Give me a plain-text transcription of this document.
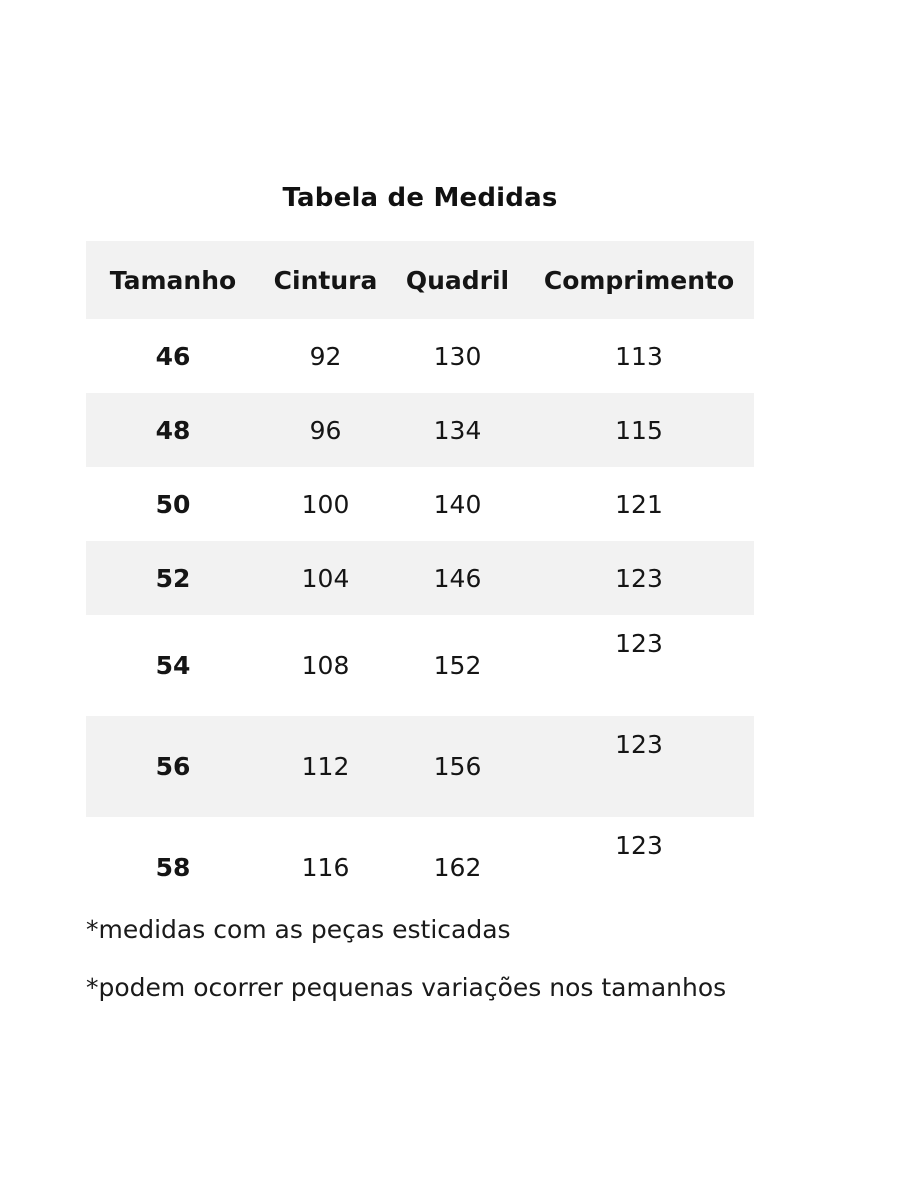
Tabela de Medidas
Tamanho	Cintura	Quadril	Comprimento
46	92	130	113
48	96	134	115
50	100	140	121
52	104	146	123
54	108	152	123
56	112	156	123
58	116	162	123
*medidas com as peças esticadas
*podem ocorrer pequenas variações nos tamanhos
